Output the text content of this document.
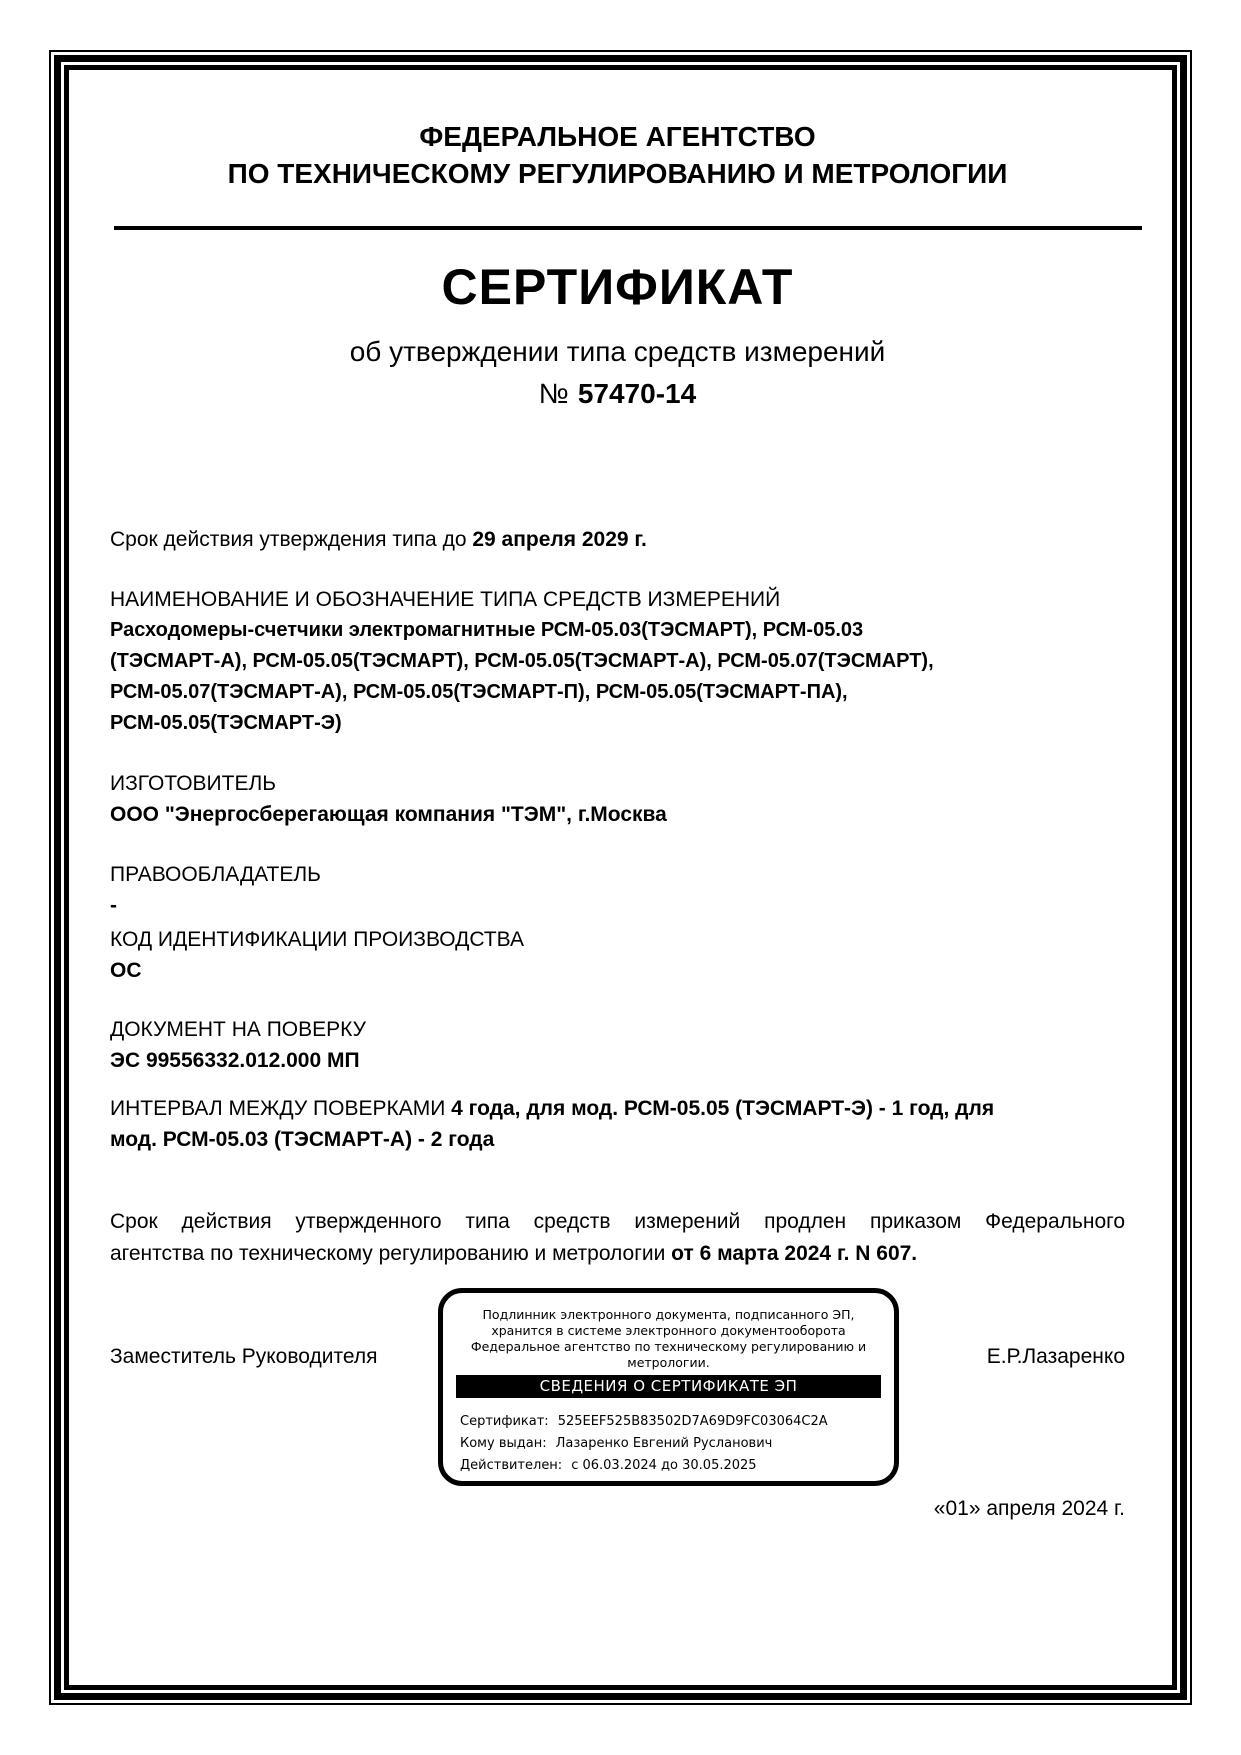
ФЕДЕРАЛЬНОЕ АГЕНТСТВО
ПО ТЕХНИЧЕСКОМУ РЕГУЛИРОВАНИЮ И МЕТРОЛОГИИ
СЕРТИФИКАТ
об утверждении типа средств измерений
№ 57470-14
Срок действия утверждения типа до 29 апреля 2029 г.
НАИМЕНОВАНИЕ И ОБОЗНАЧЕНИЕ ТИПА СРЕДСТВ ИЗМЕРЕНИЙ
Расходомеры-счетчики электромагнитные РСМ-05.03(ТЭСМАРТ), РСМ-05.03
(ТЭСМАРТ-А), РСМ-05.05(ТЭСМАРТ), РСМ-05.05(ТЭСМАРТ-А), РСМ-05.07(ТЭСМАРТ),
РСМ-05.07(ТЭСМАРТ-А), РСМ-05.05(ТЭСМАРТ-П), РСМ-05.05(ТЭСМАРТ-ПА),
РСМ-05.05(ТЭСМАРТ-Э)
ИЗГОТОВИТЕЛЬ
ООО "Энергосберегающая компания "ТЭМ", г.Москва
ПРАВООБЛАДАТЕЛЬ
-
КОД ИДЕНТИФИКАЦИИ ПРОИЗВОДСТВА
ОС
ДОКУМЕНТ НА ПОВЕРКУ
ЭС 99556332.012.000 МП
ИНТЕРВАЛ МЕЖДУ ПОВЕРКАМИ 4 года, для мод. РСМ-05.05 (ТЭСМАРТ-Э) - 1 год, для
мод. РСМ-05.03 (ТЭСМАРТ-А) - 2 года
Срок действия утвержденного типа средств измерений продлен приказом Федерального
агентства по техническому регулированию и метрологии от 6 марта 2024 г. N 607.
Подлинник электронного документа, подписанного ЭП,
хранится в системе электронного документооборота
Федеральное агентство по техническому регулированию и
метрологии.
СВЕДЕНИЯ О СЕРТИФИКАТЕ ЭП
Сертификат: 525EEF525B83502D7A69D9FC03064C2A
Кому выдан: Лазаренко Евгений Русланович
Действителен: с 06.03.2024 до 30.05.2025
Заместитель Руководителя	Е.Р.Лазаренко
«01» апреля 2024 г.
